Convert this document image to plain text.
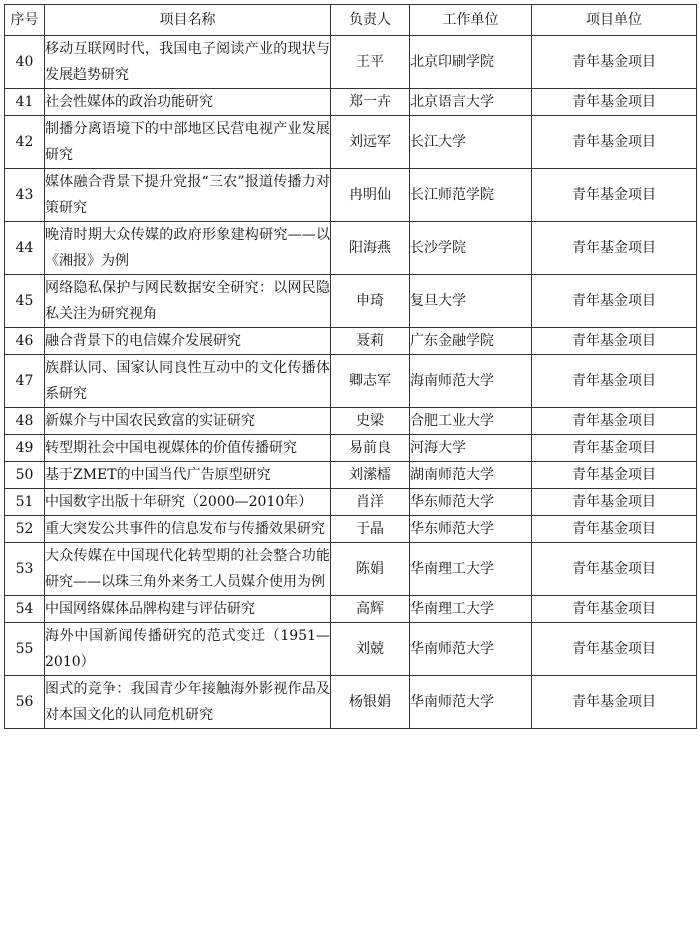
序号	项目名称	负责人	工作单位	项目单位
40	移动互联网时代，我国电子阅读产业的现状与发展趋势研究	王平	北京印刷学院	青年基金项目
41	社会性媒体的政治功能研究	郑一卉	北京语言大学	青年基金项目
42	制播分离语境下的中部地区民营电视产业发展研究	刘远军	长江大学	青年基金项目
43	媒体融合背景下提升党报“三农”报道传播力对策研究	冉明仙	长江师范学院	青年基金项目
44	晚清时期大众传媒的政府形象建构研究——以《湘报》为例	阳海燕	长沙学院	青年基金项目
45	网络隐私保护与网民数据安全研究：以网民隐私关注为研究视角	申琦	复旦大学	青年基金项目
46	融合背景下的电信媒介发展研究	聂莉	广东金融学院	青年基金项目
47	族群认同、国家认同良性互动中的文化传播体系研究	卿志军	海南师范大学	青年基金项目
48	新媒介与中国农民致富的实证研究	史梁	合肥工业大学	青年基金项目
49	转型期社会中国电视媒体的价值传播研究	易前良	河海大学	青年基金项目
50	基于ZMET的中国当代广告原型研究	刘潆檑	湖南师范大学	青年基金项目
51	中国数字出版十年研究（2000—2010年）	肖洋	华东师范大学	青年基金项目
52	重大突发公共事件的信息发布与传播效果研究	于晶	华东师范大学	青年基金项目
53	大众传媒在中国现代化转型期的社会整合功能研究——以珠三角外来务工人员媒介使用为例	陈娟	华南理工大学	青年基金项目
54	中国网络媒体品牌构建与评估研究	高辉	华南理工大学	青年基金项目
55	海外中国新闻传播研究的范式变迁（1951—2010）	刘兢	华南师范大学	青年基金项目
56	图式的竞争：我国青少年接触海外影视作品及对本国文化的认同危机研究	杨银娟	华南师范大学	青年基金项目
